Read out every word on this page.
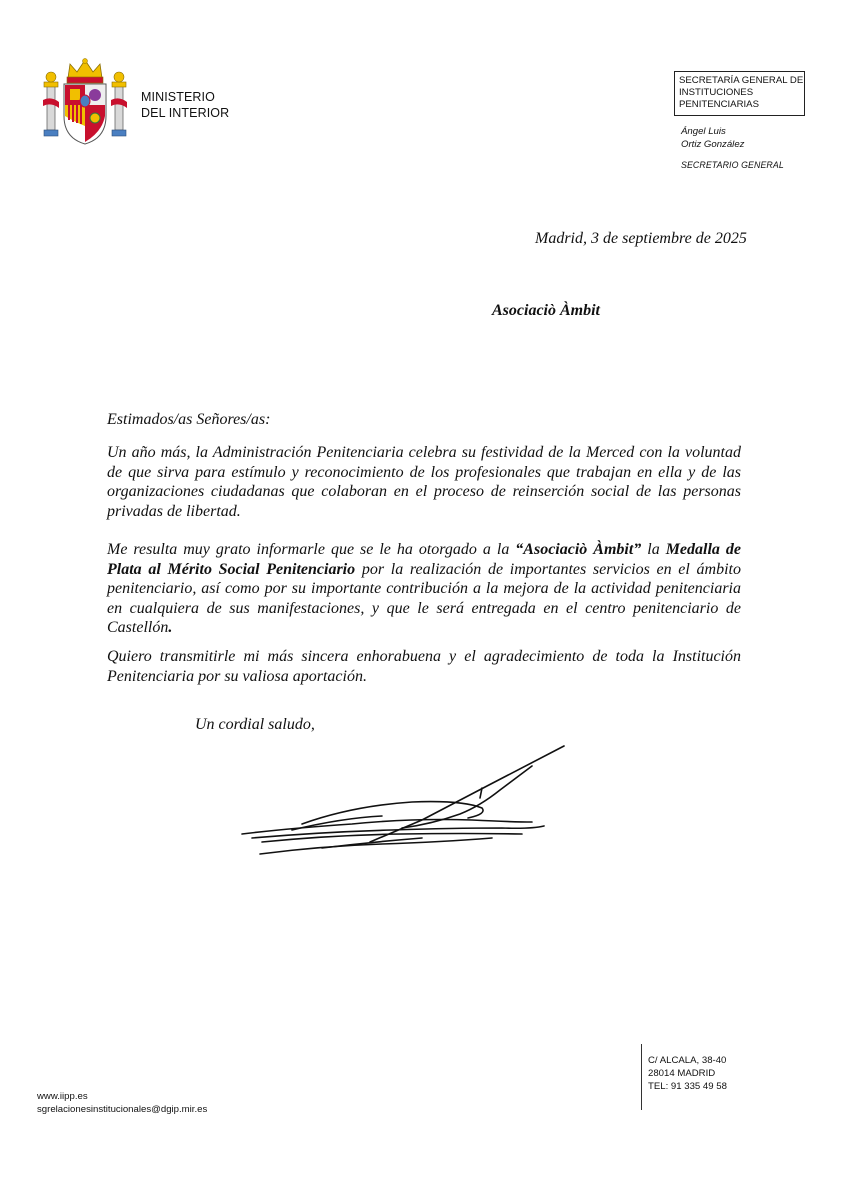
MINISTERIO
DEL INTERIOR
SECRETARÍA GENERAL DE
INSTITUCIONES
PENITENCIARIAS
Ángel Luis
Ortiz González
SECRETARIO GENERAL
Madrid, 3 de septiembre de 2025
Asociaciò Àmbit
Estimados/as Señores/as:
Un año más, la Administración Penitenciaria celebra su festividad de la Merced con la voluntad de que sirva para estímulo y reconocimiento de los profesionales que trabajan en ella y de las organizaciones ciudadanas que colaboran en el proceso de reinserción social de las personas privadas de libertad.
Me resulta muy grato informarle que se le ha otorgado a la “Asociaciò Àmbit” la Medalla de Plata al Mérito Social Penitenciario por la realización de importantes servicios en el ámbito penitenciario, así como por su importante contribución a la mejora de la actividad penitenciaria en cualquiera de sus manifestaciones, y que le será entregada en el centro penitenciario de Castellón.
Quiero transmitirle mi más sincera enhorabuena y el agradecimiento de toda la Institución Penitenciaria por su valiosa aportación.
Un cordial saludo,
C/ ALCALA, 38-40
28014 MADRID
TEL: 91 335 49 58
www.iipp.es
sgrelacionesinstitucionales@dgip.mir.es
